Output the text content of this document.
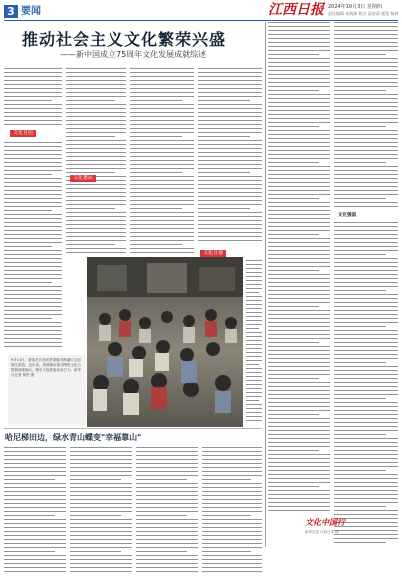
3 要闻	江西日报 2024年10月3日 星期四
责任编辑 朱炳洲 版式 邵金清 视觉 杨鸿
推动社会主义文化繁荣兴盛
——新中国成立75周年文化发展成就综述
文化自信
文化惠民
文化自强
9月14日，游客在江西省景德镇市陶溪川文创街区游览。近年来，景德镇市推动陶瓷文化与旅游深度融合，吸引大批游客前来打卡。新华社记者 周密 摄
文化强国
哈尼梯田边，绿水青山蝶变"幸福靠山"
文化中国行
新华社发 江西日报 图
